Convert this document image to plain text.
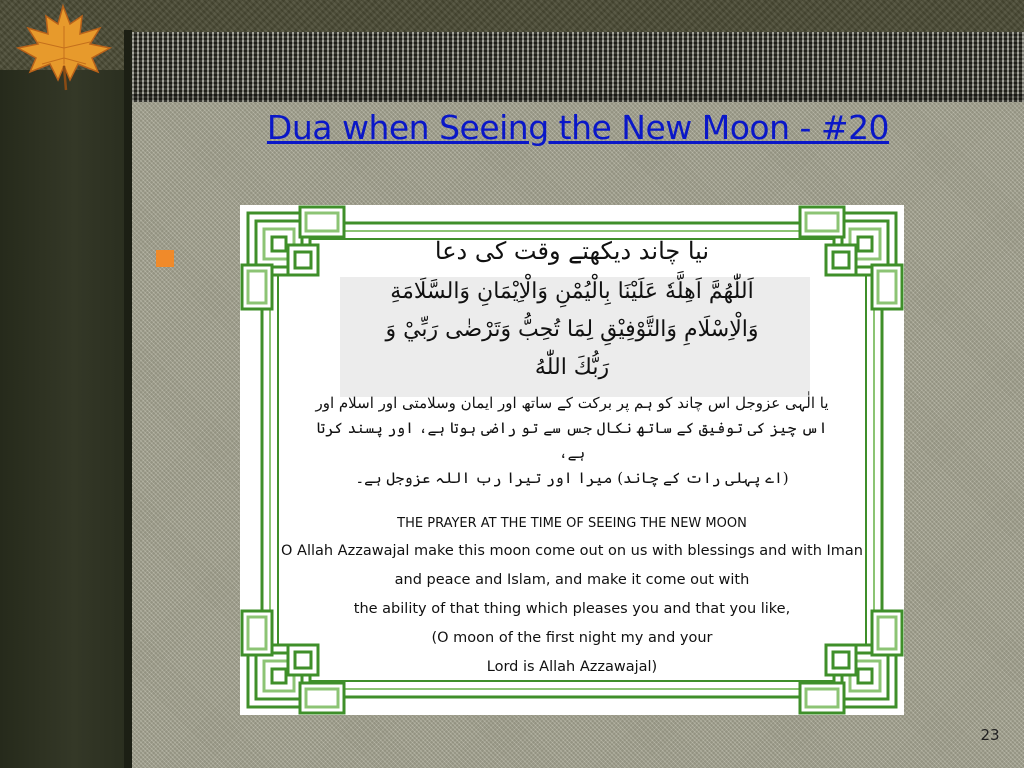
Dua when Seeing the New Moon - #20
نیا چاند دیکھتے وقت کی دعا
اَللّٰهُمَّ اَهِلَّهٗ عَلَيْنَا بِالْيُمْنِ وَالْاِيْمَانِ وَالسَّلَامَةِ
وَالْاِسْلَامِ وَالتَّوْفِيْقِ لِمَا تُحِبُّ وَتَرْضٰى رَبِّيْ وَ
رَبُّكَ اللّٰهُ
یا الٰہی عزوجل اس چاند کو ہم پر برکت کے ساتھ اور ایمان وسلامتی اور اسلام اور
اس چیز کی توفیق کے ساتھ نکال جس سے تو راضی ہوتا ہے، اور پسند کرتا ہے،
(اے پہلی رات کے چاند) میرا اور تیرا رب اللہ عزوجل ہے۔
THE PRAYER AT THE TIME OF SEEING THE NEW MOON
O Allah Azzawajal make this moon come out on us with blessings and with Iman
and peace and Islam, and make it come out with
the ability of that thing which pleases you and that you like,
(O moon of the first night my and your
Lord is Allah Azzawajal)
23
